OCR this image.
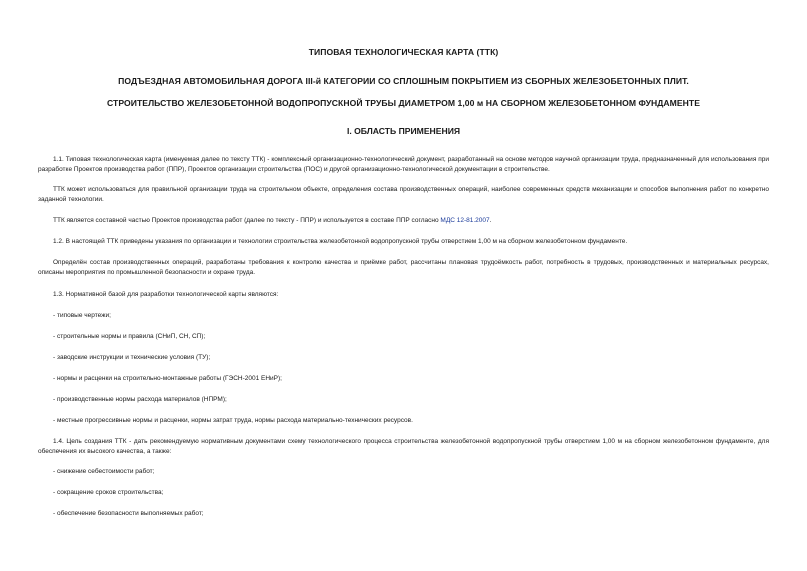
ТИПОВАЯ ТЕХНОЛОГИЧЕСКАЯ КАРТА (ТТК)
ПОДЪЕЗДНАЯ АВТОМОБИЛЬНАЯ ДОРОГА III-й КАТЕГОРИИ СО СПЛОШНЫМ ПОКРЫТИЕМ ИЗ СБОРНЫХ ЖЕЛЕЗОБЕТОННЫХ ПЛИТ.
СТРОИТЕЛЬСТВО ЖЕЛЕЗОБЕТОННОЙ ВОДОПРОПУСКНОЙ ТРУБЫ ДИАМЕТРОМ 1,00 м НА СБОРНОМ ЖЕЛЕЗОБЕТОННОМ ФУНДАМЕНТЕ
I. ОБЛАСТЬ ПРИМЕНЕНИЯ
1.1. Типовая технологическая карта (именуемая далее по тексту ТТК) - комплексный организационно-технологический документ, разработанный на основе методов научной организации труда, предназначенный для использования при разработке Проектов производства работ (ППР), Проектов организации строительства (ПОС) и другой организационно-технологической документации в строительстве.
ТТК может использоваться для правильной организации труда на строительном объекте, определения состава производственных операций, наиболее современных средств механизации и способов выполнения работ по конкретно заданной технологии.
ТТК является составной частью Проектов производства работ (далее по тексту - ППР) и используется в составе ППР согласно МДС 12-81.2007.
1.2. В настоящей ТТК приведены указания по организации и технологии строительства железобетонной водопропускной трубы отверстием 1,00 м на сборном железобетонном фундаменте.
Определён состав производственных операций, разработаны требования к контролю качества и приёмке работ, рассчитаны плановая трудоёмкость работ, потребность в трудовых, производственных и материальных ресурсах, описаны мероприятия по промышленной безопасности и охране труда.
1.3. Нормативной базой для разработки технологической карты являются:
- типовые чертежи;
- строительные нормы и правила (СНиП, СН, СП);
- заводские инструкции и технические условия (ТУ);
- нормы и расценки на строительно-монтажные работы (ГЭСН-2001 ЕНиР);
- производственные нормы расхода материалов (НПРМ);
- местные прогрессивные нормы и расценки, нормы затрат труда, нормы расхода материально-технических ресурсов.
1.4. Цель создания ТТК - дать рекомендуемую нормативным документами схему технологического процесса строительства железобетонной водопропускной трубы отверстием 1,00 м на сборном железобетонном фундаменте, для обеспечения их высокого качества, а также:
- снижение себестоимости работ;
- сокращение сроков строительства;
- обеспечение безопасности выполняемых работ;
